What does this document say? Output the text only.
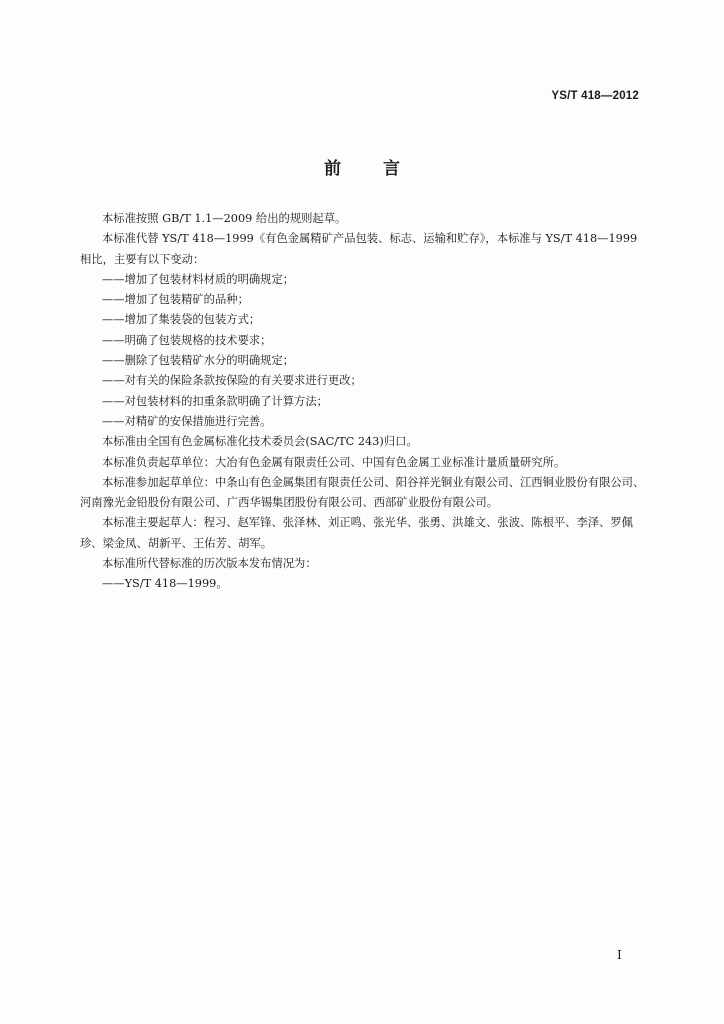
YS/T 418—2012
前言

本标准按照 GB/T 1.1—2009 给出的规则起草。

本标准代替 YS/T 418—1999《有色金属精矿产品包装、标志、运输和贮存》，本标准与 YS/T 418—1999 相比，主要有以下变动：

——增加了包装材料材质的明确规定；

——增加了包装精矿的品种；

——增加了集装袋的包装方式；

——明确了包装规格的技术要求；

——删除了包装精矿水分的明确规定；

——对有关的保险条款按保险的有关要求进行更改；

——对包装材料的扣重条款明确了计算方法；

——对精矿的安保措施进行完善。

本标准由全国有色金属标准化技术委员会(SAC/TC 243)归口。

本标准负责起草单位：大冶有色金属有限责任公司、中国有色金属工业标准计量质量研究所。

本标准参加起草单位：中条山有色金属集团有限责任公司、阳谷祥光铜业有限公司、江西铜业股份有限公司、河南豫光金铅股份有限公司、广西华锡集团股份有限公司、西部矿业股份有限公司。

本标准主要起草人：程习、赵军锋、张泽林、刘正鸣、张光华、张勇、洪雄文、张波、陈根平、李泽、罗佩珍、梁金凤、胡新平、王佑芳、胡军。

本标准所代替标准的历次版本发布情况为：

——YS/T 418—1999。

I
